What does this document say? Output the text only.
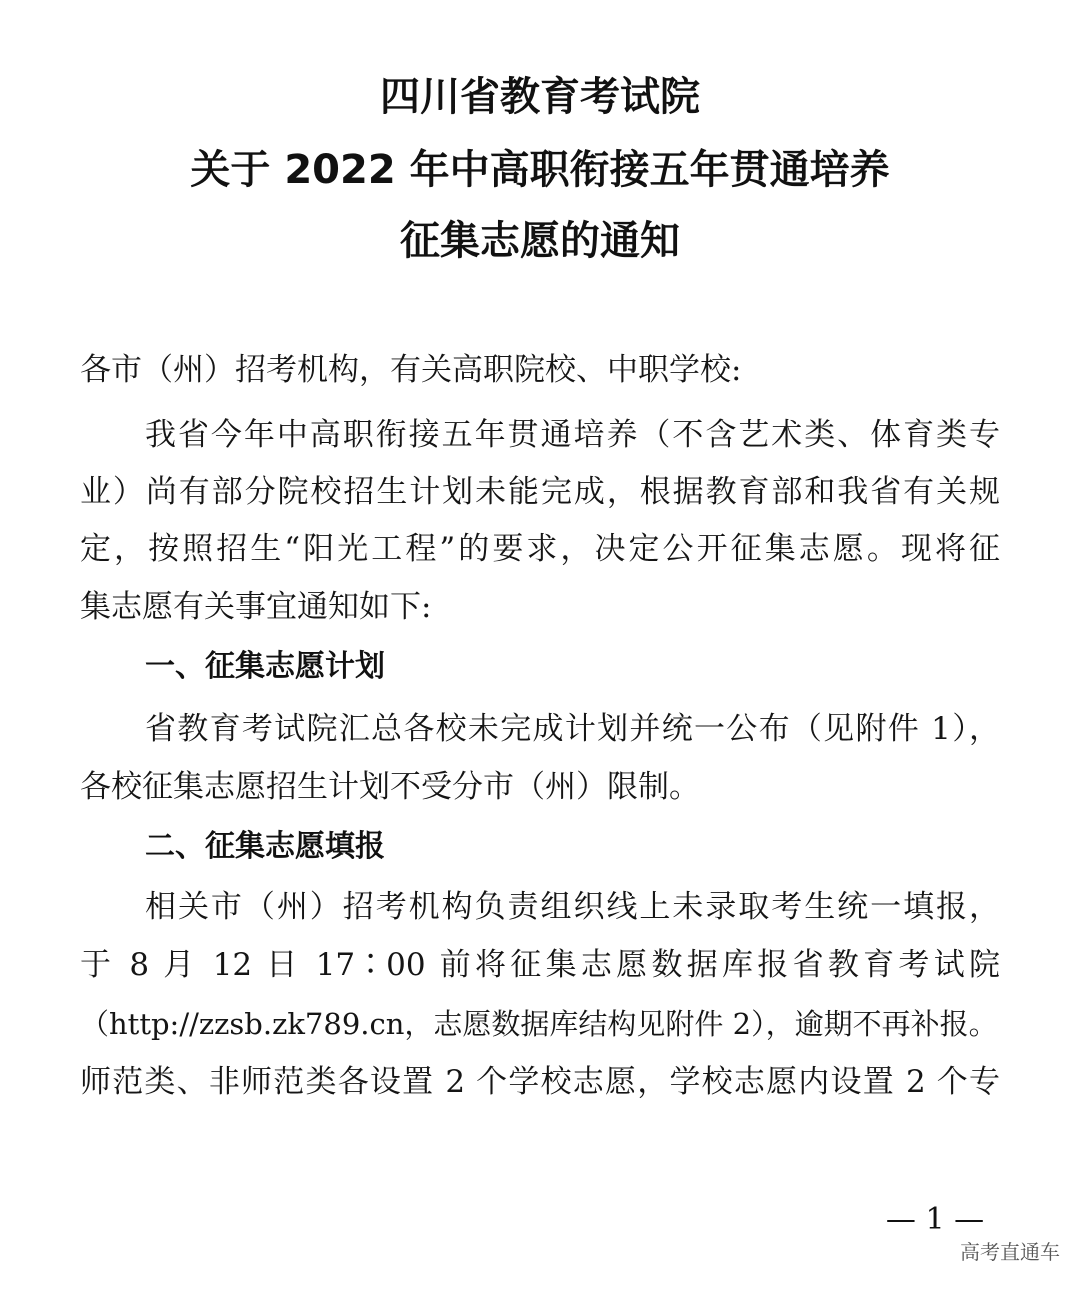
四川省教育考试院
关于 2022 年中高职衔接五年贯通培养
征集志愿的通知
各市（州）招考机构，有关高职院校、中职学校:
我省今年中高职衔接五年贯通培养（不含艺术类、体育类专
业）尚有部分院校招生计划未能完成，根据教育部和我省有关规
定，按照招生“阳光工程”的要求，决定公开征集志愿。现将征
集志愿有关事宜通知如下:
一、征集志愿计划
省教育考试院汇总各校未完成计划并统一公布（见附件 1），
各校征集志愿招生计划不受分市（州）限制。
二、征集志愿填报
相关市（州）招考机构负责组织线上未录取考生统一填报，
于 8 月 12 日 17∶00 前将征集志愿数据库报省教育考试院
（http://zzsb.zk789.cn，志愿数据库结构见附件 2），逾期不再补报。
师范类、非师范类各设置 2 个学校志愿，学校志愿内设置 2 个专
— 1 —
高考直通车
